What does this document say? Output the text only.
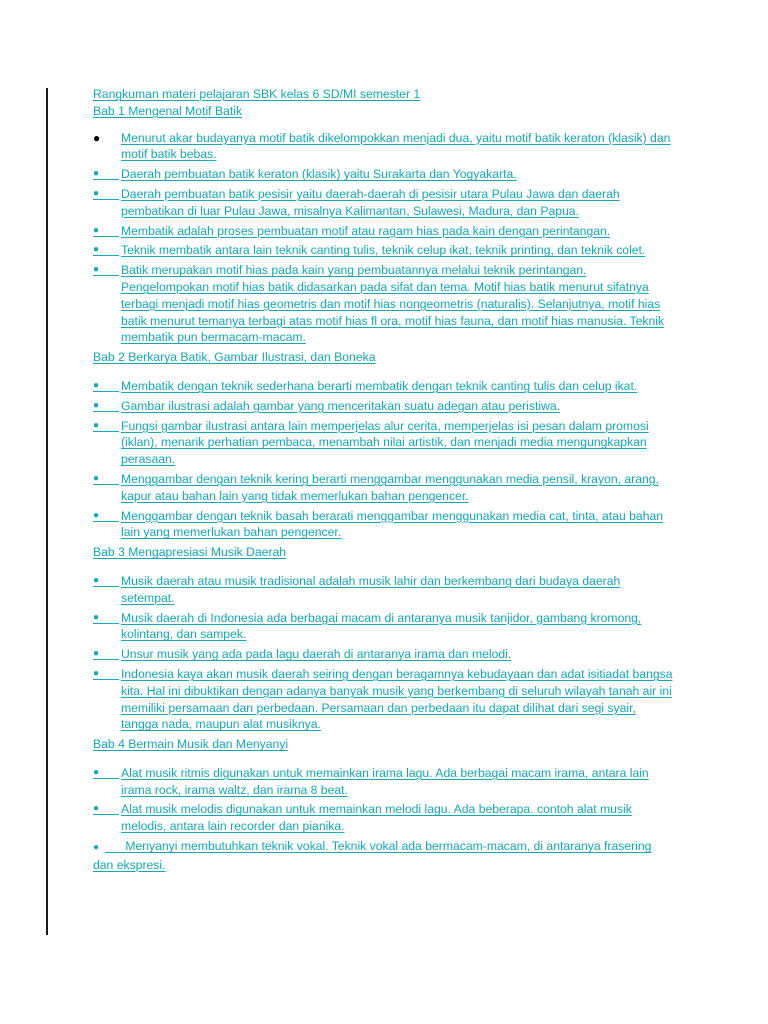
Rangkuman materi pelajaran SBK kelas 6 SD/MI semester 1
Bab 1 Mengenal Motif Batik
●	Menurut akar budayanya motif batik dikelompokkan menjadi dua, yaitu motif batik keraton (klasik) dan motif batik bebas.
●	Daerah pembuatan batik keraton (klasik) yaitu Surakarta dan Yogyakarta.
●	Daerah pembuatan batik pesisir yaitu daerah-daerah di pesisir utara Pulau Jawa dan daerah pembatikan di luar Pulau Jawa, misalnya Kalimantan, Sulawesi, Madura, dan Papua.
●	Membatik adalah proses pembuatan motif atau ragam hias pada kain dengan perintangan.
●	Teknik membatik antara lain teknik canting tulis, teknik celup ikat, teknik printing, dan teknik colet.
●	Batik merupakan motif hias pada kain yang pembuatannya melalui teknik perintangan. Pengelompokan motif hias batik didasarkan pada sifat dan tema. Motif hias batik menurut sifatnya terbagi menjadi motif hias geometris dan motif hias nongeometris (naturalis). Selanjutnya, motif hias batik menurut temanya terbagi atas motif hias fl ora, motif hias fauna, dan motif hias manusia. Teknik membatik pun bermacam-macam.
Bab 2 Berkarya Batik, Gambar Ilustrasi, dan Boneka
●	Membatik dengan teknik sederhana berarti membatik dengan teknik canting tulis dan celup ikat.
●	Gambar ilustrasi adalah gambar yang menceritakan suatu adegan atau peristiwa.
●	Fungsi gambar ilustrasi antara lain memperjelas alur cerita, memperjelas isi pesan dalam promosi (iklan), menarik perhatian pembaca, menambah nilai artistik, dan menjadi media mengungkapkan perasaan.
●	Menggambar dengan teknik kering berarti menggambar menggunakan media pensil, krayon, arang, kapur atau bahan lain yang tidak memerlukan bahan pengencer.
●	Menggambar dengan teknik basah berarati menggambar menggunakan media cat, tinta, atau bahan lain yang memerlukan bahan pengencer.
Bab 3 Mengapresiasi Musik Daerah
●	Musik daerah atau musik tradisional adalah musik lahir dan berkembang dari budaya daerah setempat.
●	Musik daerah di Indonesia ada berbagai macam di antaranya musik tanjidor, gambang kromong, kolintang, dan sampek.
●	Unsur musik yang ada pada lagu daerah di antaranya irama dan melodi.
●	Indonesia kaya akan musik daerah seiring dengan beragamnya kebudayaan dan adat isitiadat bangsa kita. Hal ini dibuktikan dengan adanya banyak musik yang berkembang di seluruh wilayah tanah air ini memiliki persamaan dan perbedaan. Persamaan dan perbedaan itu dapat dilihat dari segi syair, tangga nada, maupun alat musiknya.
Bab 4 Bermain Musik dan Menyanyi
●	Alat musik ritmis digunakan untuk memainkan irama lagu. Ada berbagai macam irama, antara lain irama rock, irama waltz, dan irama 8 beat.
●	Alat musik melodis digunakan untuk memainkan melodi lagu. Ada beberapa. contoh alat musik melodis, antara lain recorder dan pianika.
● Menyanyi membutuhkan teknik vokal. Teknik vokal ada bermacam-macam, di antaranya frasering dan ekspresi.
